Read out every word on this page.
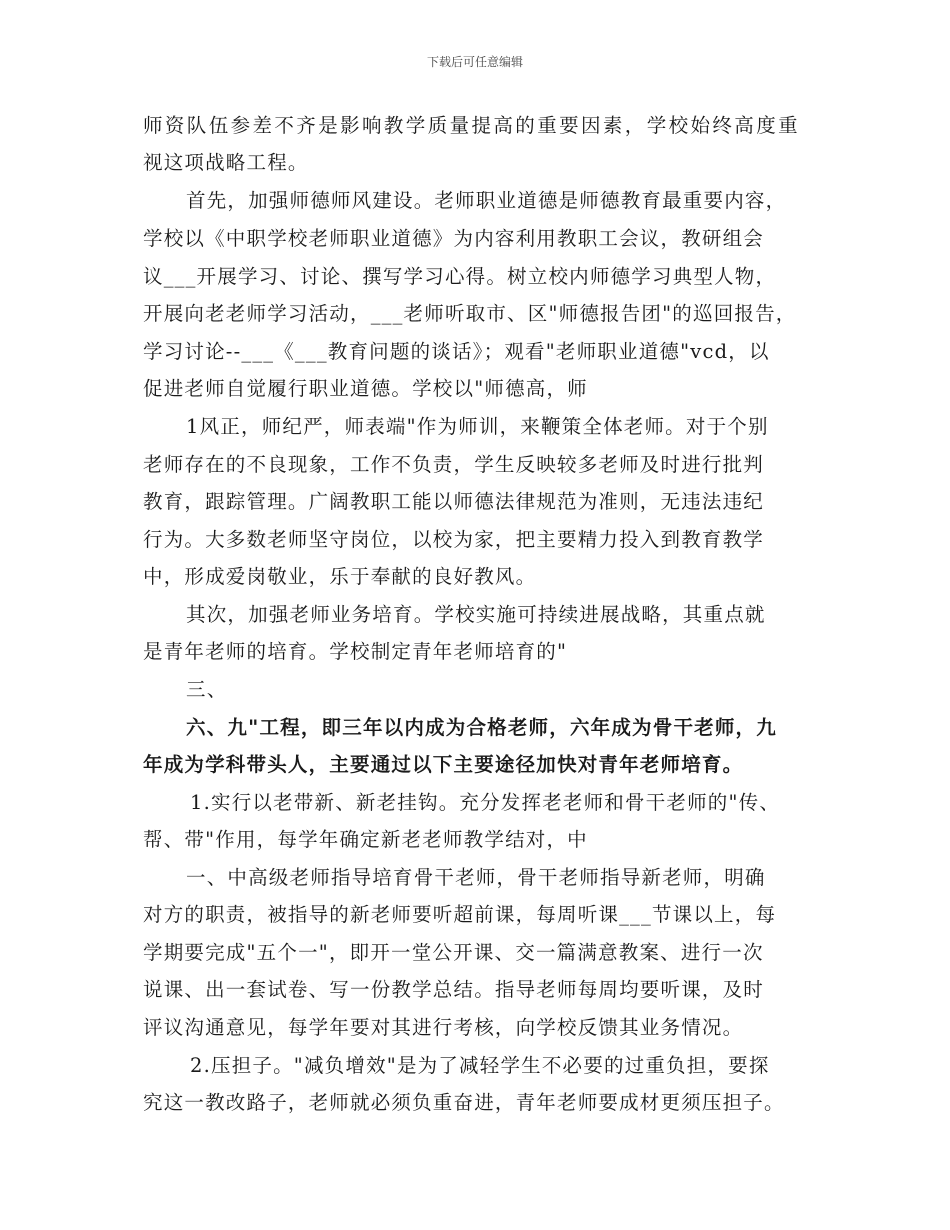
下载后可任意编辑
师资队伍参差不齐是影响教学质量提高的重要因素，学校始终高度重
视这项战略工程。
首先，加强师德师风建设。老师职业道德是师德教育最重要内容，
学校以《中职学校老师职业道德》为内容利用教职工会议，教研组会
议___开展学习、讨论、撰写学习心得。树立校内师德学习典型人物，
开展向老老师学习活动，___老师听取市、区"师德报告团"的巡回报告，
学习讨论--___《___教育问题的谈话》；观看"老师职业道德"vcd，以
促进老师自觉履行职业道德。学校以"师德高，师
1风正，师纪严，师表端"作为师训，来鞭策全体老师。对于个别
老师存在的不良现象，工作不负责，学生反映较多老师及时进行批判
教育，跟踪管理。广阔教职工能以师德法律规范为准则，无违法违纪
行为。大多数老师坚守岗位，以校为家，把主要精力投入到教育教学
中，形成爱岗敬业，乐于奉献的良好教风。
其次，加强老师业务培育。学校实施可持续进展战略，其重点就
是青年老师的培育。学校制定青年老师培育的"
三、
六、九"工程，即三年以内成为合格老师，六年成为骨干老师，九
年成为学科带头人，主要通过以下主要途径加快对青年老师培育。
1.实行以老带新、新老挂钩。充分发挥老老师和骨干老师的"传、
帮、带"作用，每学年确定新老老师教学结对，中
一、中高级老师指导培育骨干老师，骨干老师指导新老师，明确
对方的职责，被指导的新老师要听超前课，每周听课___节课以上，每
学期要完成"五个一"，即开一堂公开课、交一篇满意教案、进行一次
说课、出一套试卷、写一份教学总结。指导老师每周均要听课，及时
评议沟通意见，每学年要对其进行考核，向学校反馈其业务情况。
2.压担子。"减负增效"是为了减轻学生不必要的过重负担，要探
究这一教改路子，老师就必须负重奋进，青年老师要成材更须压担子。
